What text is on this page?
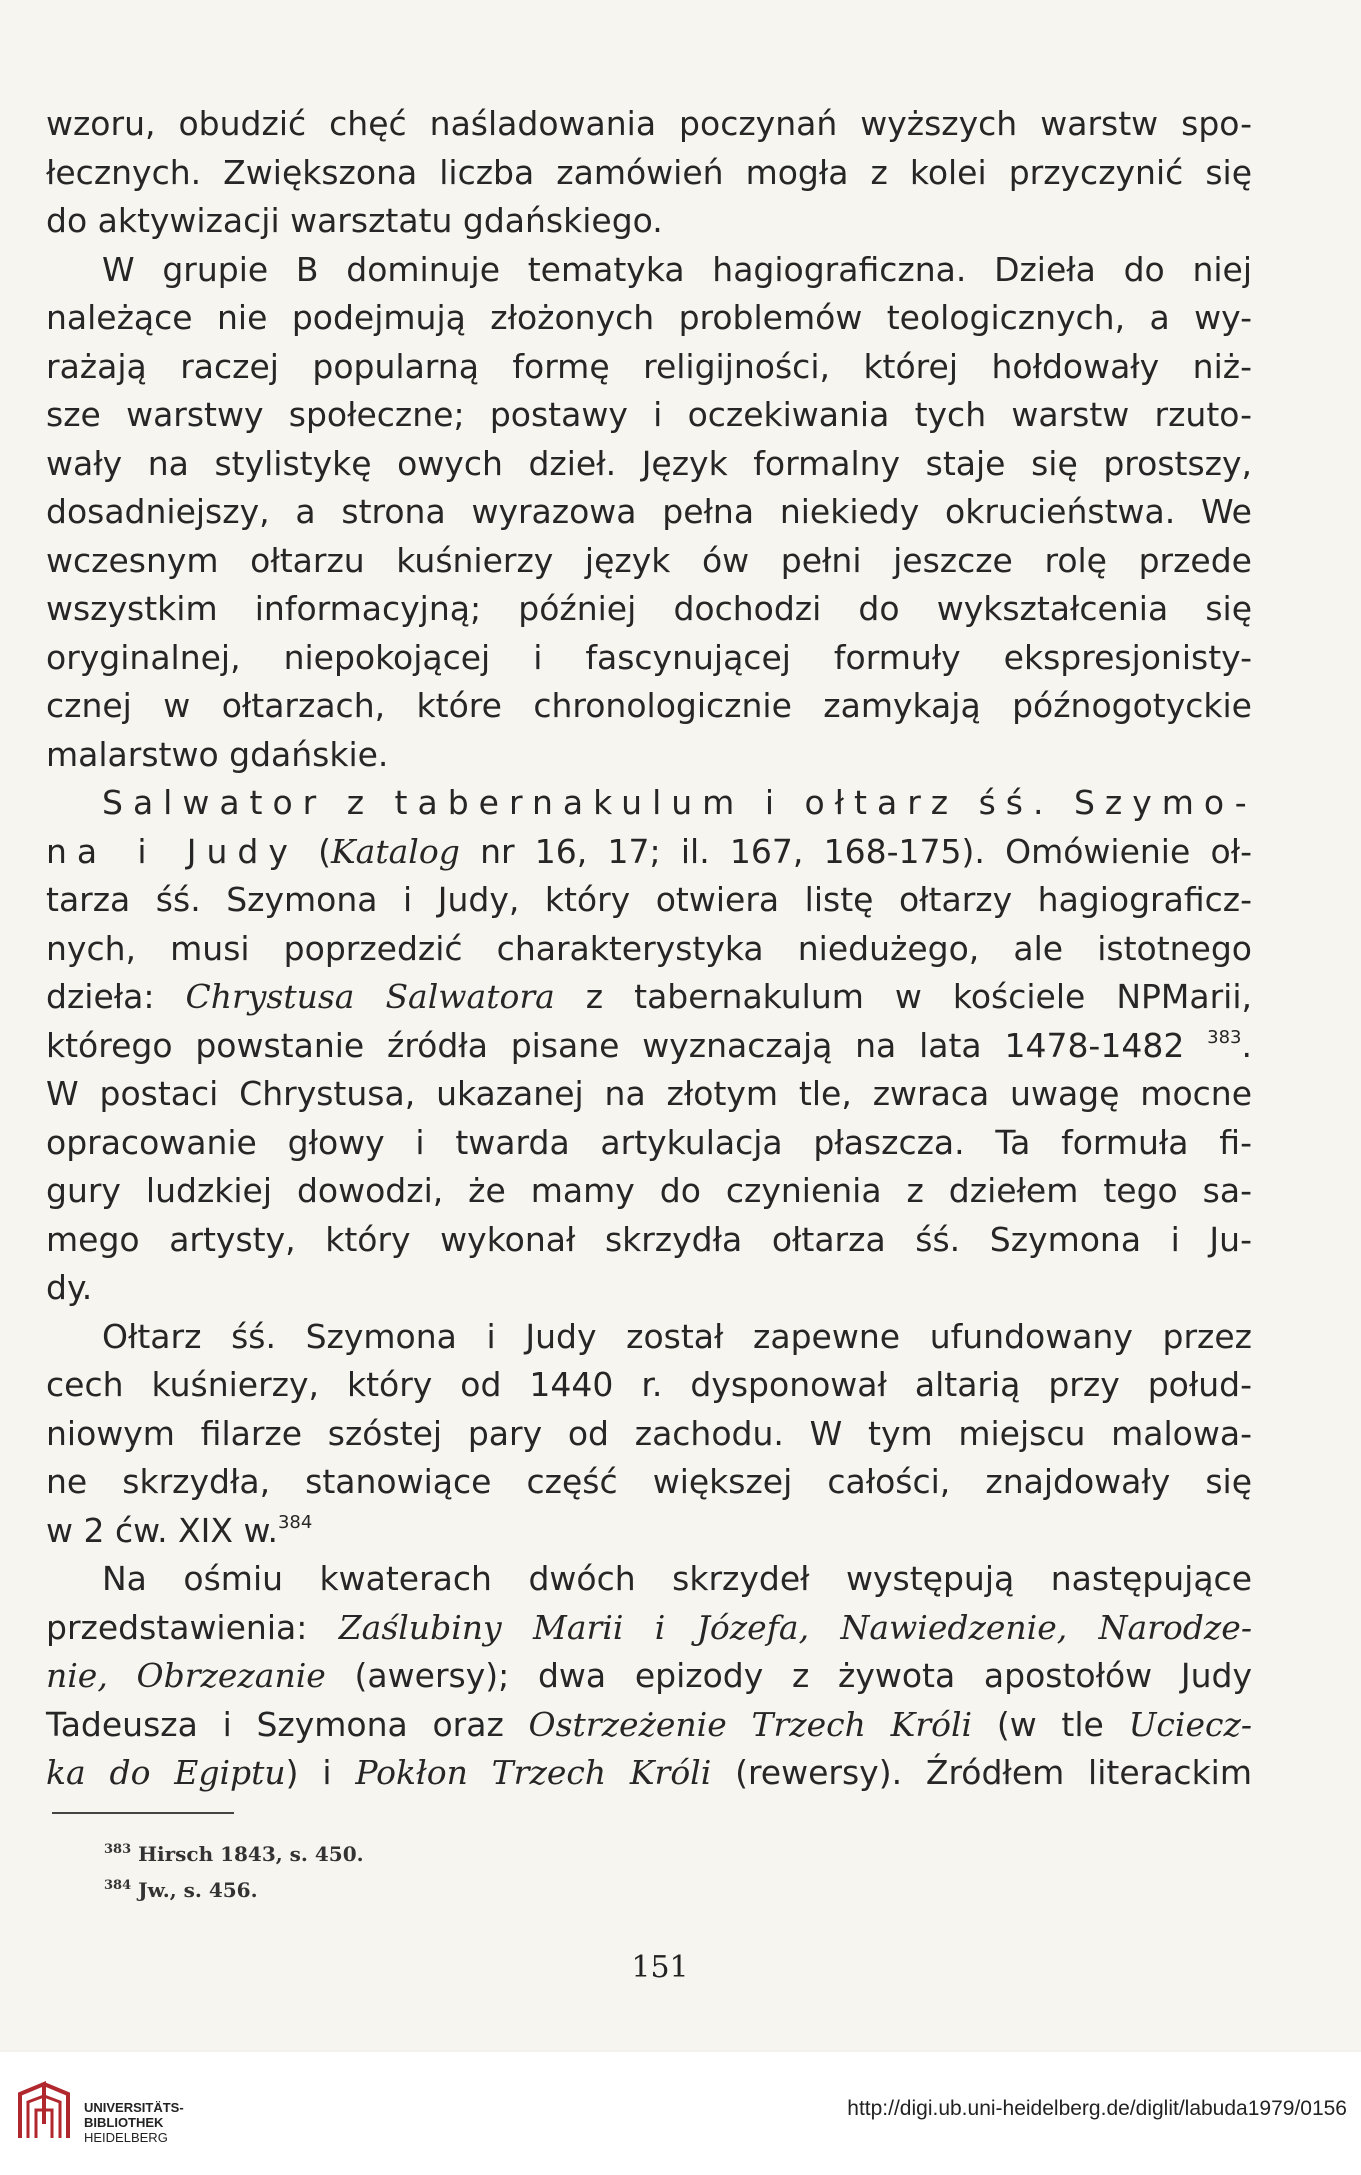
wzoru, obudzić chęć naśladowania poczynań wyższych warstw spo-
łecznych. Zwiększona liczba zamówień mogła z kolei przyczynić się
do aktywizacji warsztatu gdańskiego.
W grupie B dominuje tematyka hagiograficzna. Dzieła do niej
należące nie podejmują złożonych problemów teologicznych, a wy-
rażają raczej popularną formę religijności, której hołdowały niż-
sze warstwy społeczne; postawy i oczekiwania tych warstw rzuto-
wały na stylistykę owych dzieł. Język formalny staje się prostszy,
dosadniejszy, a strona wyrazowa pełna niekiedy okrucieństwa. We
wczesnym ołtarzu kuśnierzy język ów pełni jeszcze rolę przede
wszystkim informacyjną; później dochodzi do wykształcenia się
oryginalnej, niepokojącej i fascynującej formuły ekspresjonisty-
cznej w ołtarzach, które chronologicznie zamykają późnogotyckie
malarstwo gdańskie.
Salwator z tabernakulum i ołtarz śś. Szymo-
na i Judy (Katalog nr 16, 17; il. 167, 168-175). Omówienie oł-
tarza śś. Szymona i Judy, który otwiera listę ołtarzy hagiograficz-
nych, musi poprzedzić charakterystyka niedużego, ale istotnego
dzieła: Chrystusa Salwatora z tabernakulum w kościele NPMarii,
którego powstanie źródła pisane wyznaczają na lata 1478-1482 $^{383}$.
W postaci Chrystusa, ukazanej na złotym tle, zwraca uwagę mocne
opracowanie głowy i twarda artykulacja płaszcza. Ta formuła fi-
gury ludzkiej dowodzi, że mamy do czynienia z dziełem tego sa-
mego artysty, który wykonał skrzydła ołtarza śś. Szymona i Ju-
dy.
Ołtarz śś. Szymona i Judy został zapewne ufundowany przez
cech kuśnierzy, który od 1440 r. dysponował altarią przy połud-
niowym filarze szóstej pary od zachodu. W tym miejscu malowa-
ne skrzydła, stanowiące część większej całości, znajdowały się
w 2 ćw. XIX w.$^{384}$
Na ośmiu kwaterach dwóch skrzydeł występują następujące
przedstawienia: Zaślubiny Marii i Józefa, Nawiedzenie, Narodze-
nie, Obrzezanie (awersy); dwa epizody z żywota apostołów Judy
Tadeusza i Szymona oraz Ostrzeżenie Trzech Króli (w tle Uciecz-
ka do Egiptu) i Pokłon Trzech Króli (rewersy). Źródłem literackim
$^{383}$ Hirsch 1843, s. 450.
$^{384}$ Jw., s. 456.
151
UNIVERSITÄTS-
BIBLIOTHEK
HEIDELBERG
http://digi.ub.uni-heidelberg.de/diglit/labuda1979/0156
